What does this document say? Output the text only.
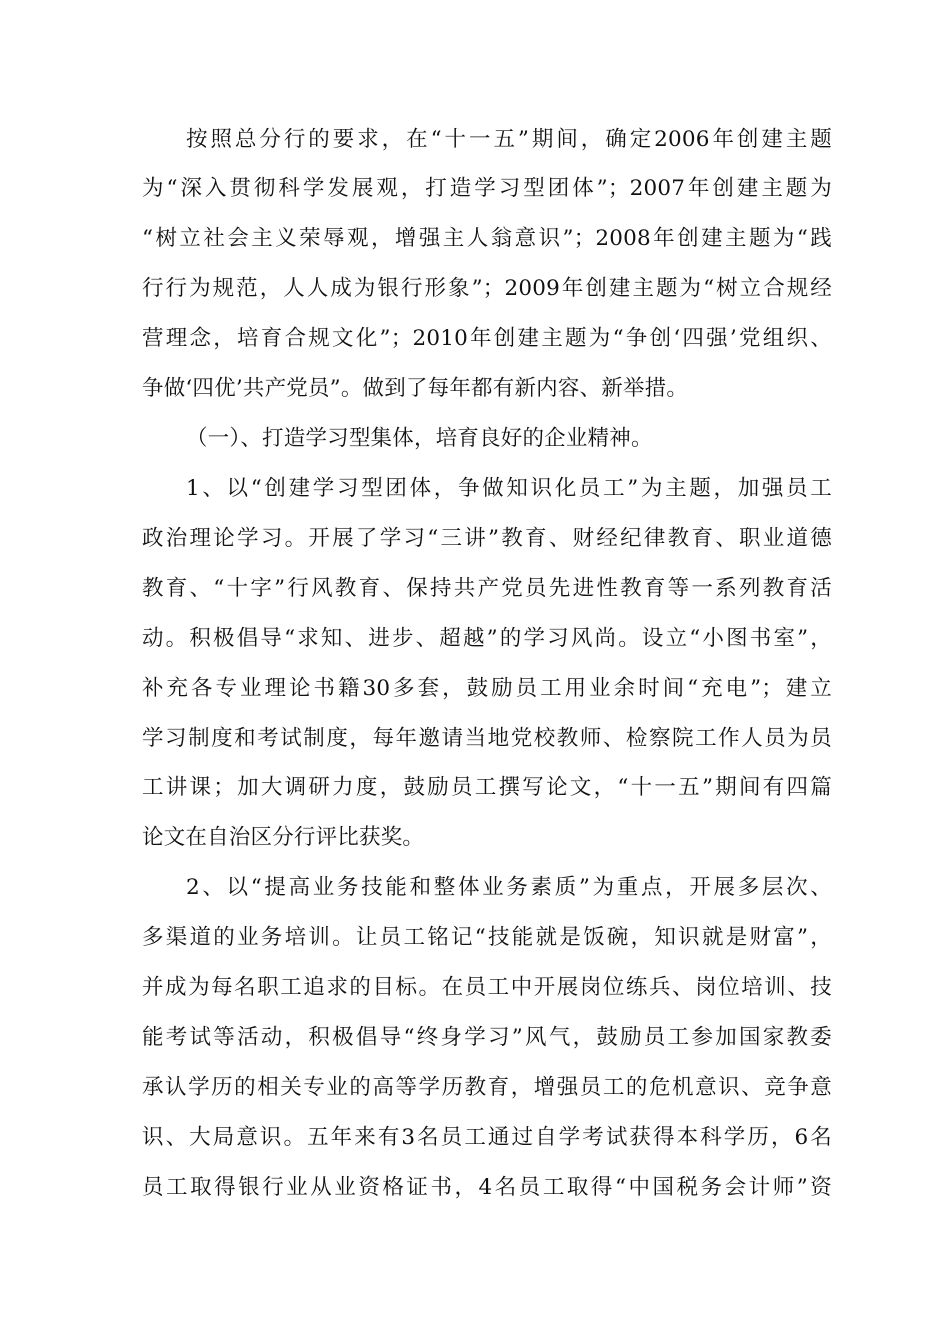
按照总分行的要求，在“十一五”期间，确定2006年创建主题
为“深入贯彻科学发展观，打造学习型团体”；2007年创建主题为
“树立社会主义荣辱观，增强主人翁意识”；2008年创建主题为“践
行行为规范，人人成为银行形象”；2009年创建主题为“树立合规经
营理念，培育合规文化”；2010年创建主题为“争创‘四强’党组织、
争做‘四优’共产党员”。做到了每年都有新内容、新举措。
（一）、打造学习型集体，培育良好的企业精神。
1、以“创建学习型团体，争做知识化员工”为主题，加强员工
政治理论学习。开展了学习“三讲”教育、财经纪律教育、职业道德
教育、“十字”行风教育、保持共产党员先进性教育等一系列教育活
动。积极倡导“求知、进步、超越”的学习风尚。设立“小图书室”，
补充各专业理论书籍30多套，鼓励员工用业余时间“充电”；建立
学习制度和考试制度，每年邀请当地党校教师、检察院工作人员为员
工讲课；加大调研力度，鼓励员工撰写论文，“十一五”期间有四篇
论文在自治区分行评比获奖。
2、以“提高业务技能和整体业务素质”为重点，开展多层次、
多渠道的业务培训。让员工铭记“技能就是饭碗，知识就是财富”，
并成为每名职工追求的目标。在员工中开展岗位练兵、岗位培训、技
能考试等活动，积极倡导“终身学习”风气，鼓励员工参加国家教委
承认学历的相关专业的高等学历教育，增强员工的危机意识、竞争意
识、大局意识。五年来有3名员工通过自学考试获得本科学历，6名
员工取得银行业从业资格证书，4名员工取得“中国税务会计师”资
